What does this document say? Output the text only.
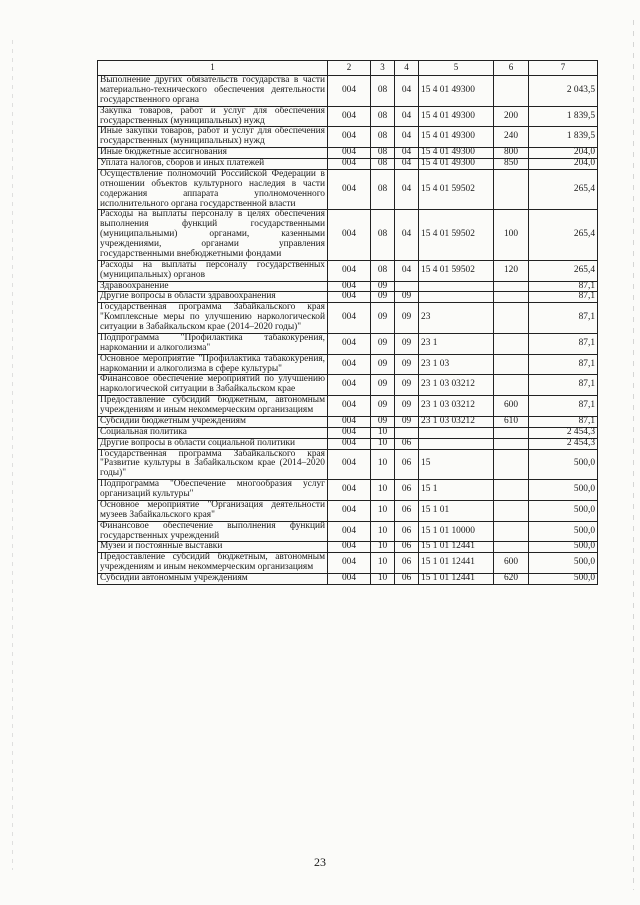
1	2	3	4	5	6	7
Выполнение других обязательств государства в части материально-технического обеспечения деятельности государственного органа	004	08	04	15 4 01 49300		2 043,5
Закупка товаров, работ и услуг для обеспечения государственных (муниципальных) нужд	004	08	04	15 4 01 49300	200	1 839,5
Иные закупки товаров, работ и услуг для обеспечения государственных (муниципальных) нужд	004	08	04	15 4 01 49300	240	1 839,5
Иные бюджетные ассигнования	004	08	04	15 4 01 49300	800	204,0
Уплата налогов, сборов и иных платежей	004	08	04	15 4 01 49300	850	204,0
Осуществление полномочий Российской Федерации в отношении объектов культурного наследия в части содержания аппарата уполномоченного исполнительного органа государственной власти	004	08	04	15 4 01 59502		265,4
Расходы на выплаты персоналу в целях обеспечения выполнения функций государственными (муниципальными) органами, казенными учреждениями, органами управления государственными внебюджетными фондами	004	08	04	15 4 01 59502	100	265,4
Расходы на выплаты персоналу государственных (муниципальных) органов	004	08	04	15 4 01 59502	120	265,4
Здравоохранение	004	09				87,1
Другие вопросы в области здравоохранения	004	09	09			87,1
Государственная программа Забайкальского края "Комплексные меры по улучшению наркологической ситуации в Забайкальском крае (2014–2020 годы)"	004	09	09	23		87,1
Подпрограмма "Профилактика табакокурения, наркомании и алкоголизма"	004	09	09	23 1		87,1
Основное мероприятие "Профилактика табакокурения, наркомании и алкоголизма в сфере культуры"	004	09	09	23 1 03		87,1
Финансовое обеспечение мероприятий по улучшению наркологической ситуации в Забайкальском крае	004	09	09	23 1 03 03212		87,1
Предоставление субсидий бюджетным, автономным учреждениям и иным некоммерческим организациям	004	09	09	23 1 03 03212	600	87,1
Субсидии бюджетным учреждениям	004	09	09	23 1 03 03212	610	87,1
Социальная политика	004	10				2 454,3
Другие вопросы в области социальной политики	004	10	06			2 454,3
Государственная программа Забайкальского края "Развитие культуры в Забайкальском крае (2014–2020 годы)"	004	10	06	15		500,0
Подпрограмма "Обеспечение многообразия услуг организаций культуры"	004	10	06	15 1		500,0
Основное мероприятие "Организация деятельности музеев Забайкальского края"	004	10	06	15 1 01		500,0
Финансовое обеспечение выполнения функций государственных учреждений	004	10	06	15 1 01 10000		500,0
Музеи и постоянные выставки	004	10	06	15 1 01 12441		500,0
Предоставление субсидий бюджетным, автономным учреждениям и иным некоммерческим организациям	004	10	06	15 1 01 12441	600	500,0
Субсидии автономным учреждениям	004	10	06	15 1 01 12441	620	500,0
23
